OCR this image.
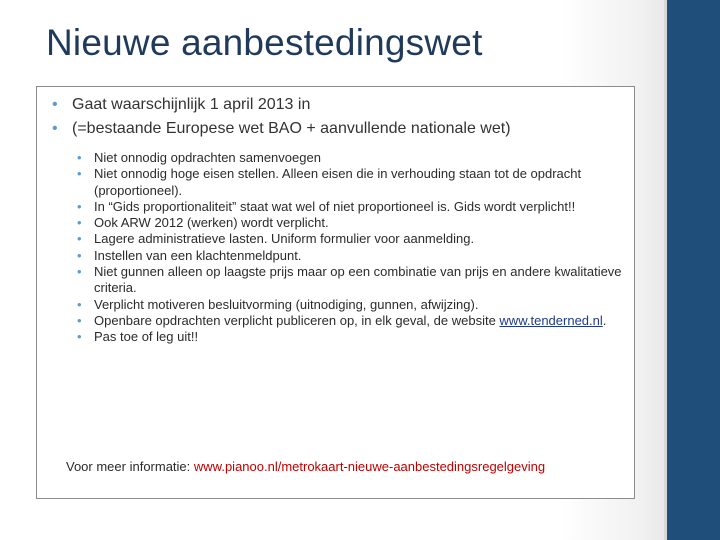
Nieuwe aanbestedingswet
• Gaat waarschijnlijk 1 april 2013 in
• (=bestaande Europese wet BAO + aanvullende nationale wet)
• Niet onnodig opdrachten samenvoegen
• Niet onnodig hoge eisen stellen. Alleen eisen die in verhouding staan tot de opdracht (proportioneel).
• In “Gids proportionaliteit” staat wat wel of niet proportioneel is. Gids wordt verplicht!!
• Ook ARW 2012 (werken) wordt verplicht.
• Lagere administratieve lasten. Uniform formulier voor aanmelding.
• Instellen van een klachtenmeldpunt.
• Niet gunnen alleen op laagste prijs maar op een combinatie van prijs en andere kwalitatieve criteria.
• Verplicht motiveren besluitvorming (uitnodiging, gunnen, afwijzing).
• Openbare opdrachten verplicht publiceren op, in elk geval, de website www.tenderned.nl.
• Pas toe of leg uit!!
Voor meer informatie: www.pianoo.nl/metrokaart-nieuwe-aanbestedingsregelgeving
